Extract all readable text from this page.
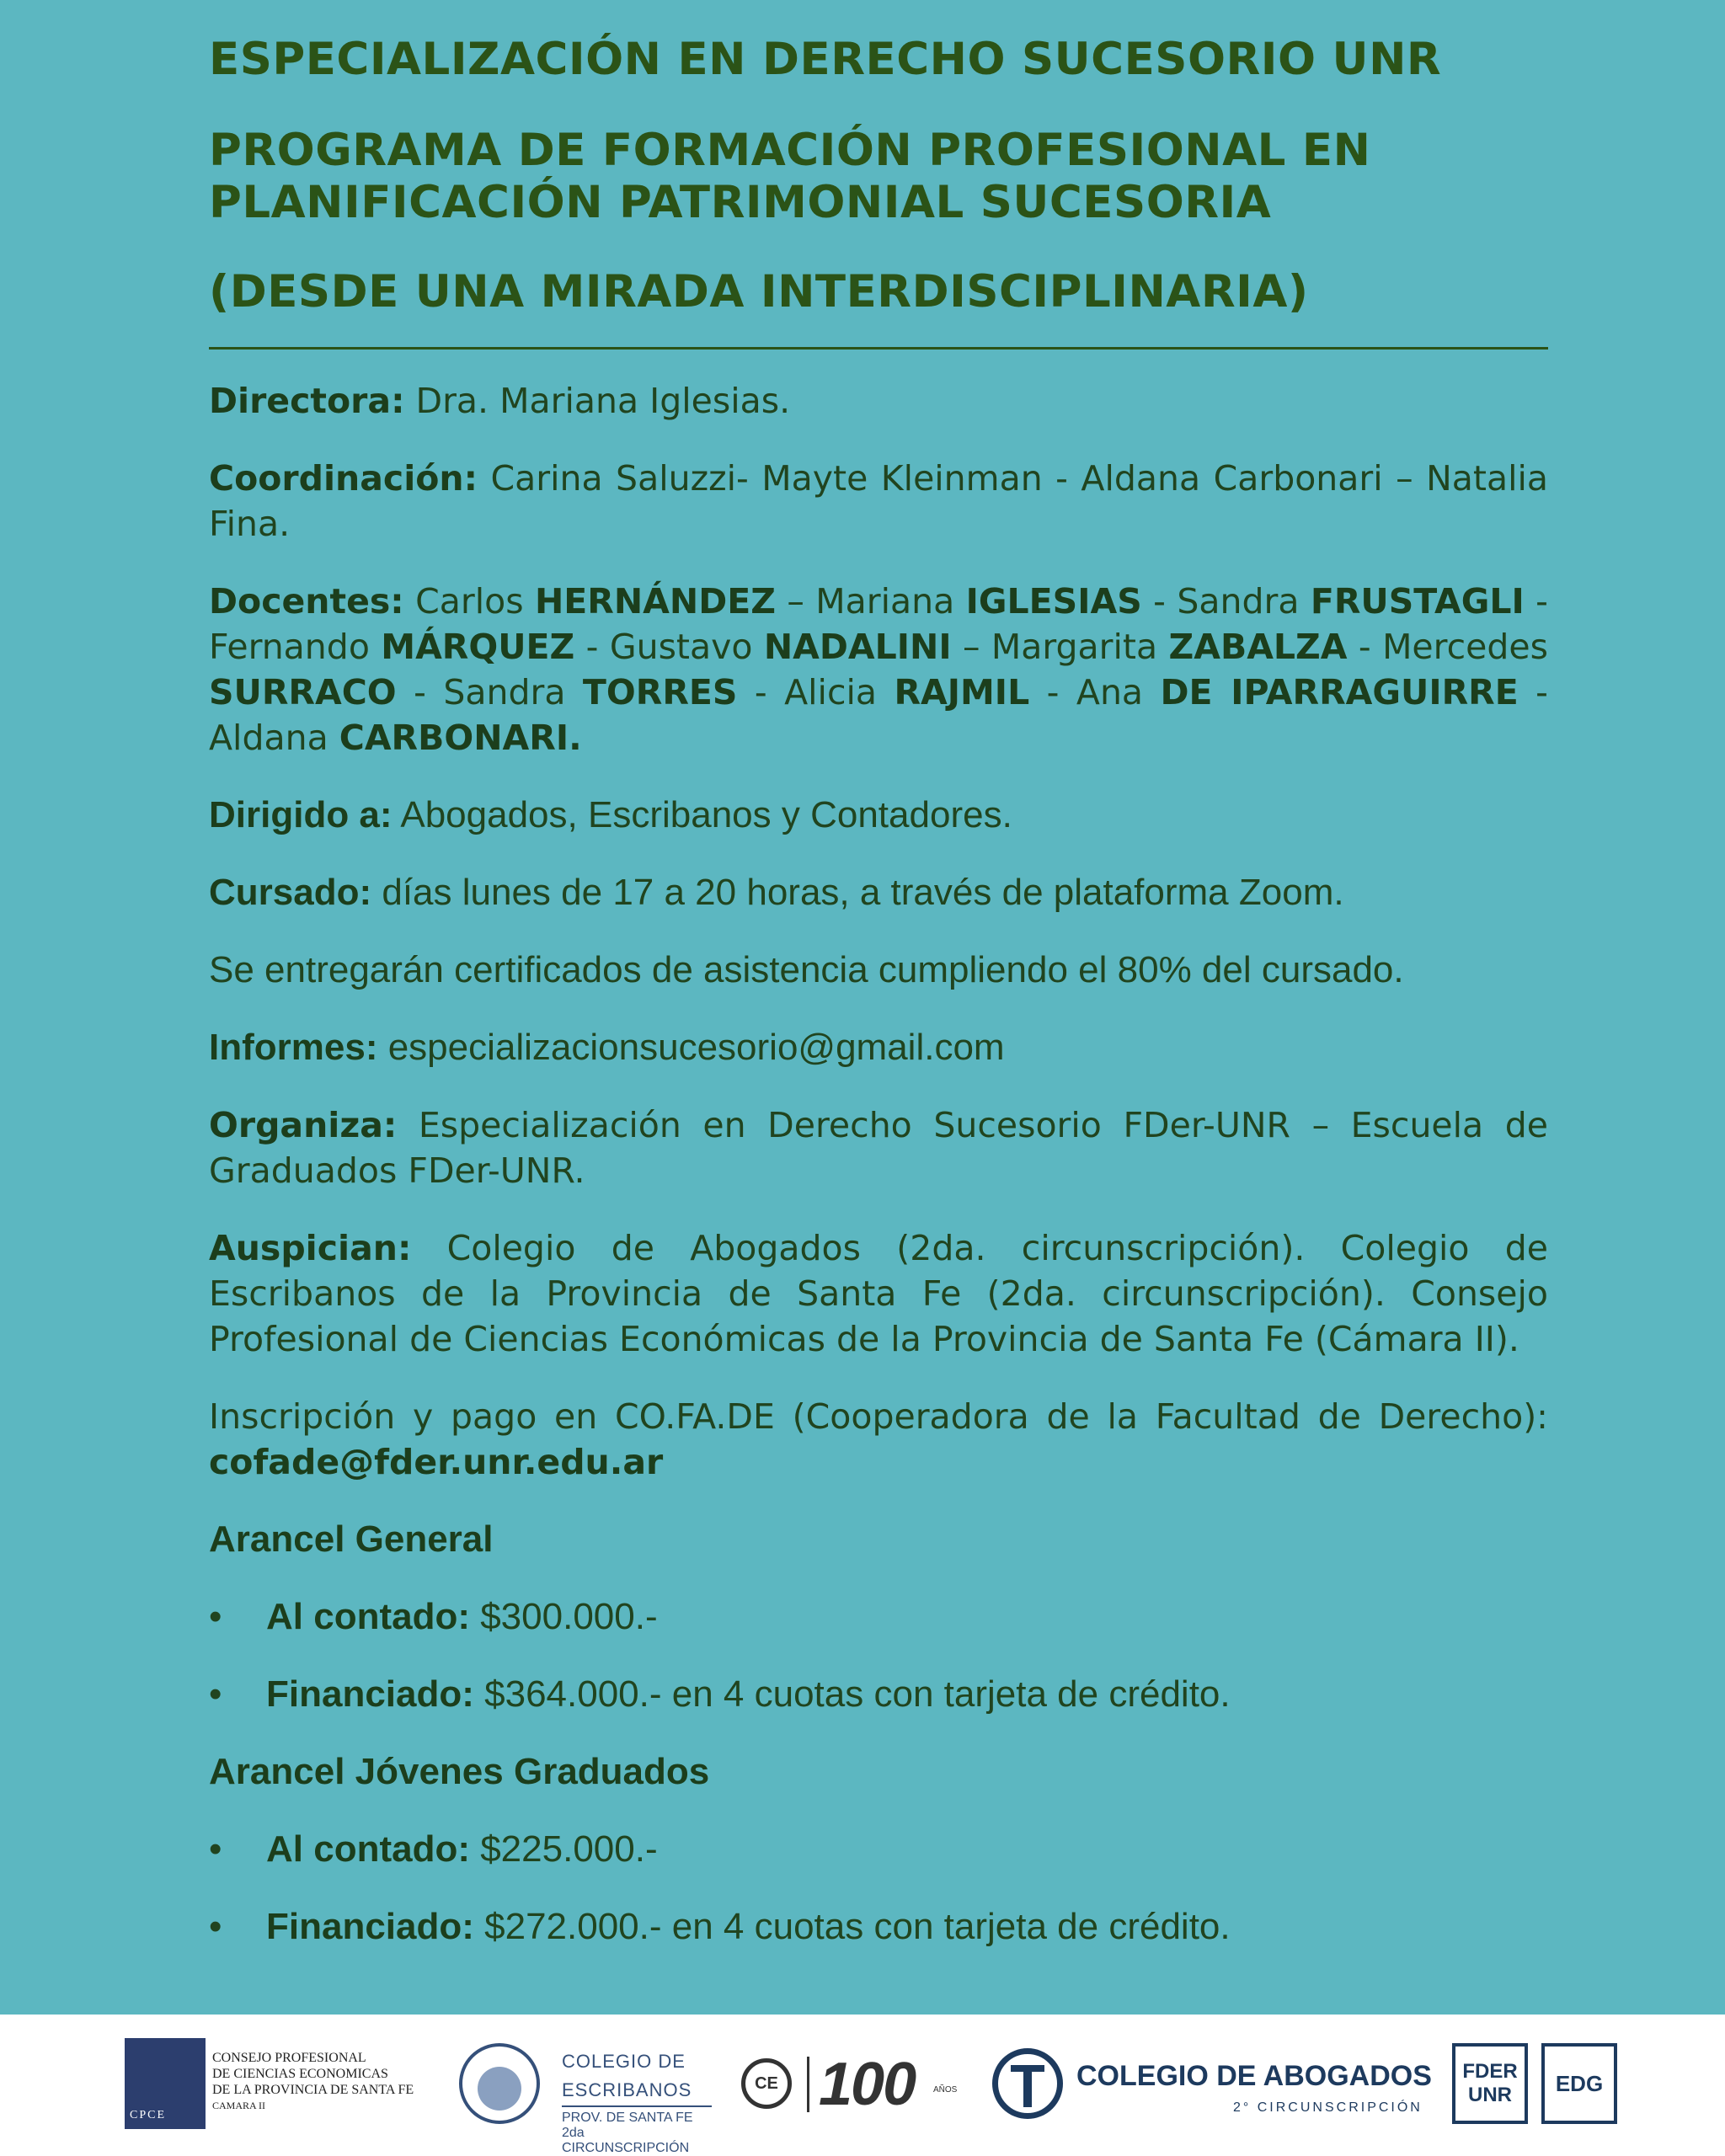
ESPECIALIZACIÓN EN DERECHO SUCESORIO UNR

PROGRAMA DE FORMACIÓN PROFESIONAL EN

PLANIFICACIÓN PATRIMONIAL SUCESORIA

(DESDE UNA MIRADA INTERDISCIPLINARIA)

Directora: Dra. Mariana Iglesias.

Coordinación: Carina Saluzzi- Mayte Kleinman - Aldana Carbonari – Natalia Fina.

Docentes: Carlos HERNÁNDEZ – Mariana IGLESIAS - Sandra FRUSTAGLI - Fernando MÁRQUEZ - Gustavo NADALINI – Margarita ZABALZA - Mercedes SURRACO - Sandra TORRES - Alicia RAJMIL - Ana DE IPARRAGUIRRE - Aldana CARBONARI.

Dirigido a: Abogados, Escribanos y Contadores.

Cursado: días lunes de 17 a 20 horas, a través de plataforma Zoom.

Se entregarán certificados de asistencia cumpliendo el 80% del cursado.

Informes: especializacionsucesorio@gmail.com

Organiza: Especialización en Derecho Sucesorio FDer-UNR – Escuela de Graduados FDer-UNR.

Auspician: Colegio de Abogados (2da. circunscripción). Colegio de Escribanos de la Provincia de Santa Fe (2da. circunscripción). Consejo Profesional de Ciencias Económicas de la Provincia de Santa Fe (Cámara II).

Inscripción y pago en CO.FA.DE (Cooperadora de la Facultad de Derecho): cofade@fder.unr.edu.ar

Arancel General

• Al contado: $300.000.-

• Financiado: $364.000.- en 4 cuotas con tarjeta de crédito.

Arancel Jóvenes Graduados

• Al contado: $225.000.-

• Financiado: $272.000.- en 4 cuotas con tarjeta de crédito.

CPCE
CONSEJO PROFESIONAL
DE CIENCIAS ECONOMICAS
DE LA PROVINCIA DE SANTA FE
CAMARA II
COLEGIO DE
ESCRIBANOS
PROV. DE SANTA FE
2da CIRCUNSCRIPCIÓN
CE 100 AÑOS	COLEGIO DE ABOGADOS
2° CIRCUNSCRIPCIÓN
FDER
UNR	EDG
